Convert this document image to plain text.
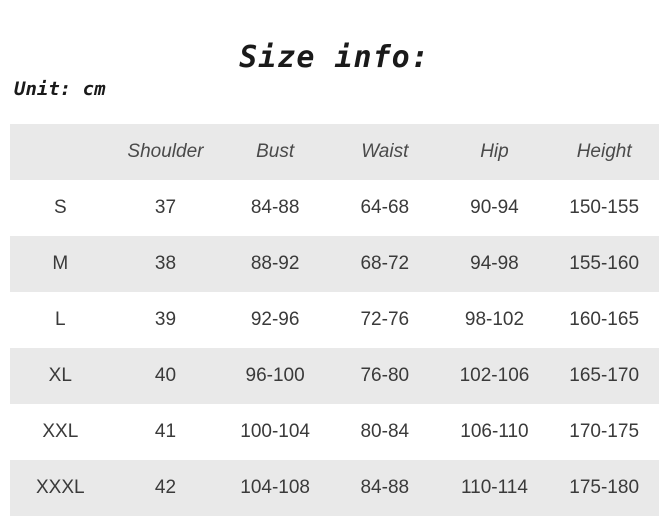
Size info:
Unit: cm
	Shoulder	Bust	Waist	Hip	Height
S	37	84-88	64-68	90-94	150-155
M	38	88-92	68-72	94-98	155-160
L	39	92-96	72-76	98-102	160-165
XL	40	96-100	76-80	102-106	165-170
XXL	41	100-104	80-84	106-110	170-175
XXXL	42	104-108	84-88	110-114	175-180
